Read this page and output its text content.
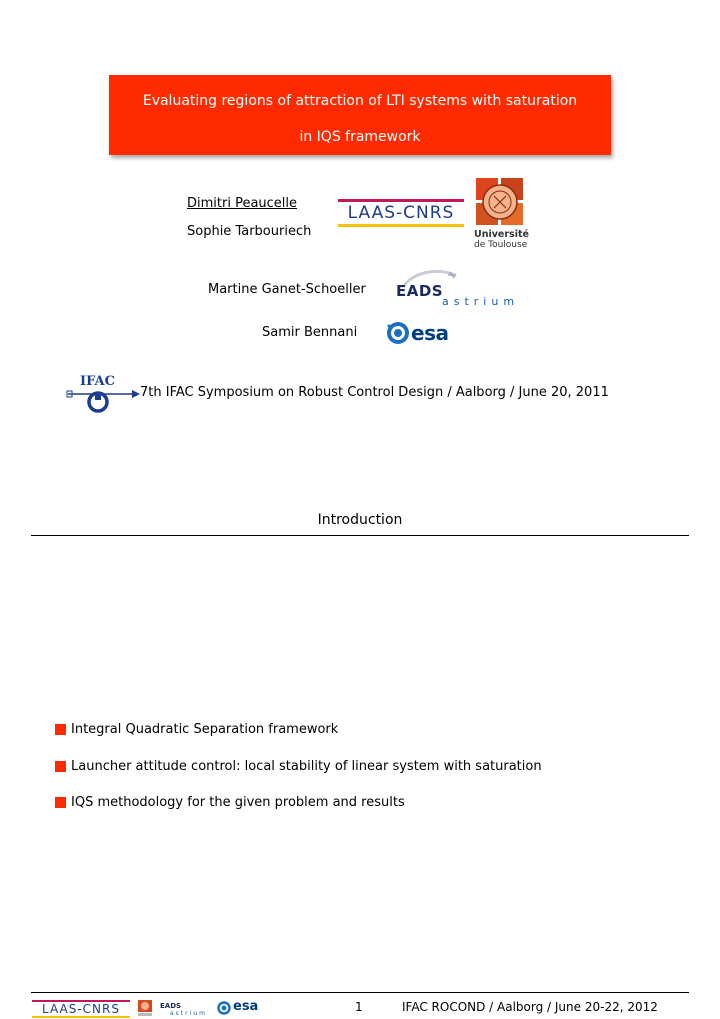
Evaluating regions of attraction of LTI systems with saturation
in IQS framework
Dimitri Peaucelle
Sophie Tarbouriech
LAAS-CNRS
Université
de Toulouse
Martine Ganet-Schoeller EADS
astrium
Samir Bennani	esa
IFAC
7th IFAC Symposium on Robust Control Design / Aalborg / June 20, 2011
Introduction
Integral Quadratic Separation framework
Launcher attitude control: local stability of linear system with saturation
IQS methodology for the given problem and results
LAAS-CNRS	EADS
astrium esa	1	IFAC ROCOND / Aalborg / June 20-22, 2012
